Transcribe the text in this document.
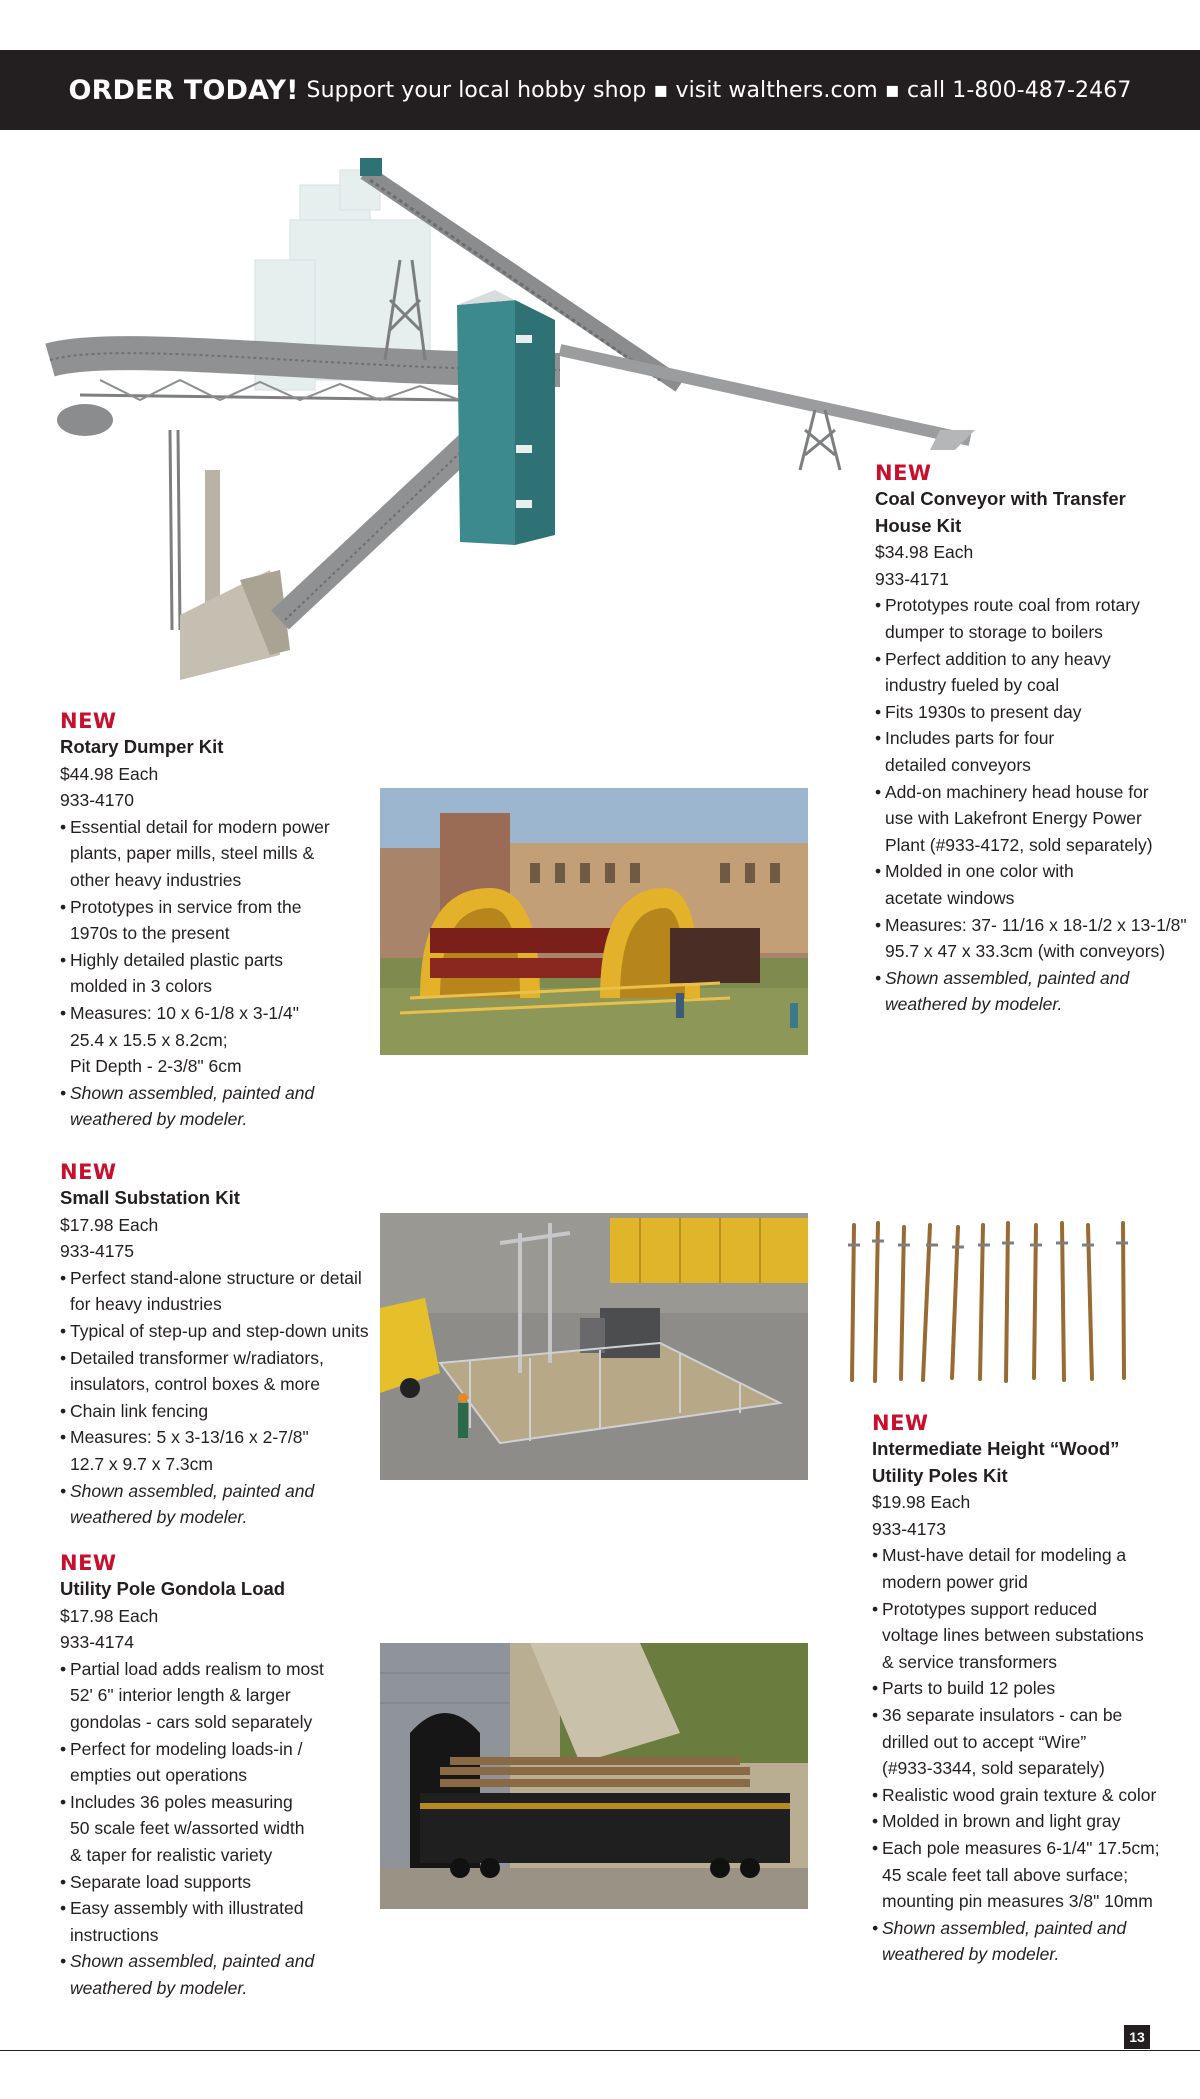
ORDER TODAY! Support your local hobby shop ▪ visit walthers.com ▪ call 1-800-487-2467
NEW
Coal Conveyor with Transfer
House Kit
$34.98 Each
933-4171
• Prototypes route coal from rotary
dumper to storage to boilers
• Perfect addition to any heavy
industry fueled by coal
• Fits 1930s to present day
• Includes parts for four
detailed conveyors
• Add-on machinery head house for
use with Lakefront Energy Power
Plant (#933-4172, sold separately)
• Molded in one color with
acetate windows
• Measures: 37- 11/16 x 18-1/2 x 13-1/8"
95.7 x 47 x 33.3cm (with conveyors)
• Shown assembled, painted and
weathered by modeler.
NEW
Rotary Dumper Kit
$44.98 Each
933-4170
• Essential detail for modern power
plants, paper mills, steel mills &
other heavy industries
• Prototypes in service from the
1970s to the present
• Highly detailed plastic parts
molded in 3 colors
• Measures: 10 x 6-1/8 x 3-1/4"
25.4 x 15.5 x 8.2cm;
Pit Depth - 2-3/8" 6cm
• Shown assembled, painted and
weathered by modeler.
NEW
Small Substation Kit
$17.98 Each
933-4175
• Perfect stand-alone structure or detail
for heavy industries
• Typical of step-up and step-down units
• Detailed transformer w/radiators,
insulators, control boxes & more
• Chain link fencing
• Measures: 5 x 3-13/16 x 2-7/8"
12.7 x 9.7 x 7.3cm
• Shown assembled, painted and
weathered by modeler.
NEW
Utility Pole Gondola Load
$17.98 Each
933-4174
• Partial load adds realism to most
52' 6" interior length & larger
gondolas - cars sold separately
• Perfect for modeling loads-in /
empties out operations
• Includes 36 poles measuring
50 scale feet w/assorted width
& taper for realistic variety
• Separate load supports
• Easy assembly with illustrated
instructions
• Shown assembled, painted and
weathered by modeler.
NEW
Intermediate Height “Wood”
Utility Poles Kit
$19.98 Each
933-4173
• Must-have detail for modeling a
modern power grid
• Prototypes support reduced
voltage lines between substations
& service transformers
• Parts to build 12 poles
• 36 separate insulators - can be
drilled out to accept “Wire”
(#933-3344, sold separately)
• Realistic wood grain texture & color
• Molded in brown and light gray
• Each pole measures 6-1/4" 17.5cm;
45 scale feet tall above surface;
mounting pin measures 3/8" 10mm
• Shown assembled, painted and
weathered by modeler.
13
